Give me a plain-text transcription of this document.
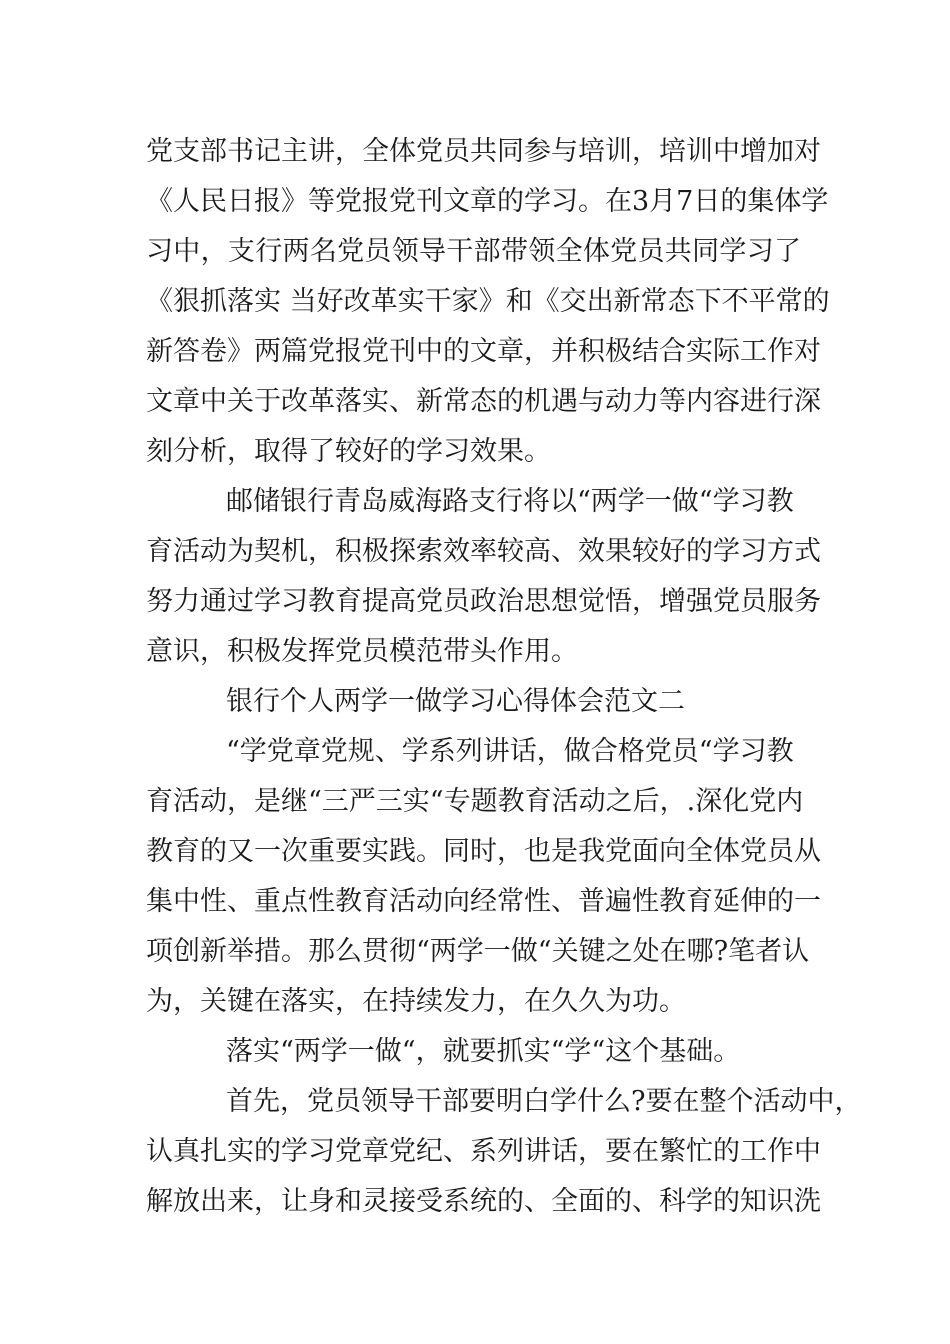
党支部书记主讲，全体党员共同参与培训，培训中增加对
《人民日报》等党报党刊文章的学习。在3月7日的集体学
习中，支行两名党员领导干部带领全体党员共同学习了
《狠抓落实 当好改革实干家》和《交出新常态下不平常的
新答卷》两篇党报党刊中的文章，并积极结合实际工作对
文章中关于改革落实、新常态的机遇与动力等内容进行深
刻分析，取得了较好的学习效果。
邮储银行青岛威海路支行将以“两学一做“学习教
育活动为契机，积极探索效率较高、效果较好的学习方式
努力通过学习教育提高党员政治思想觉悟，增强党员服务
意识，积极发挥党员模范带头作用。
银行个人两学一做学习心得体会范文二
“学党章党规、学系列讲话，做合格党员“学习教
育活动，是继“三严三实“专题教育活动之后，.深化党内
教育的又一次重要实践。同时，也是我党面向全体党员从
集中性、重点性教育活动向经常性、普遍性教育延伸的一
项创新举措。那么贯彻“两学一做“关键之处在哪?笔者认
为，关键在落实，在持续发力，在久久为功。
落实“两学一做“，就要抓实“学“这个基础。
首先，党员领导干部要明白学什么?要在整个活动中，
认真扎实的学习党章党纪、系列讲话，要在繁忙的工作中
解放出来，让身和灵接受系统的、全面的、科学的知识洗
